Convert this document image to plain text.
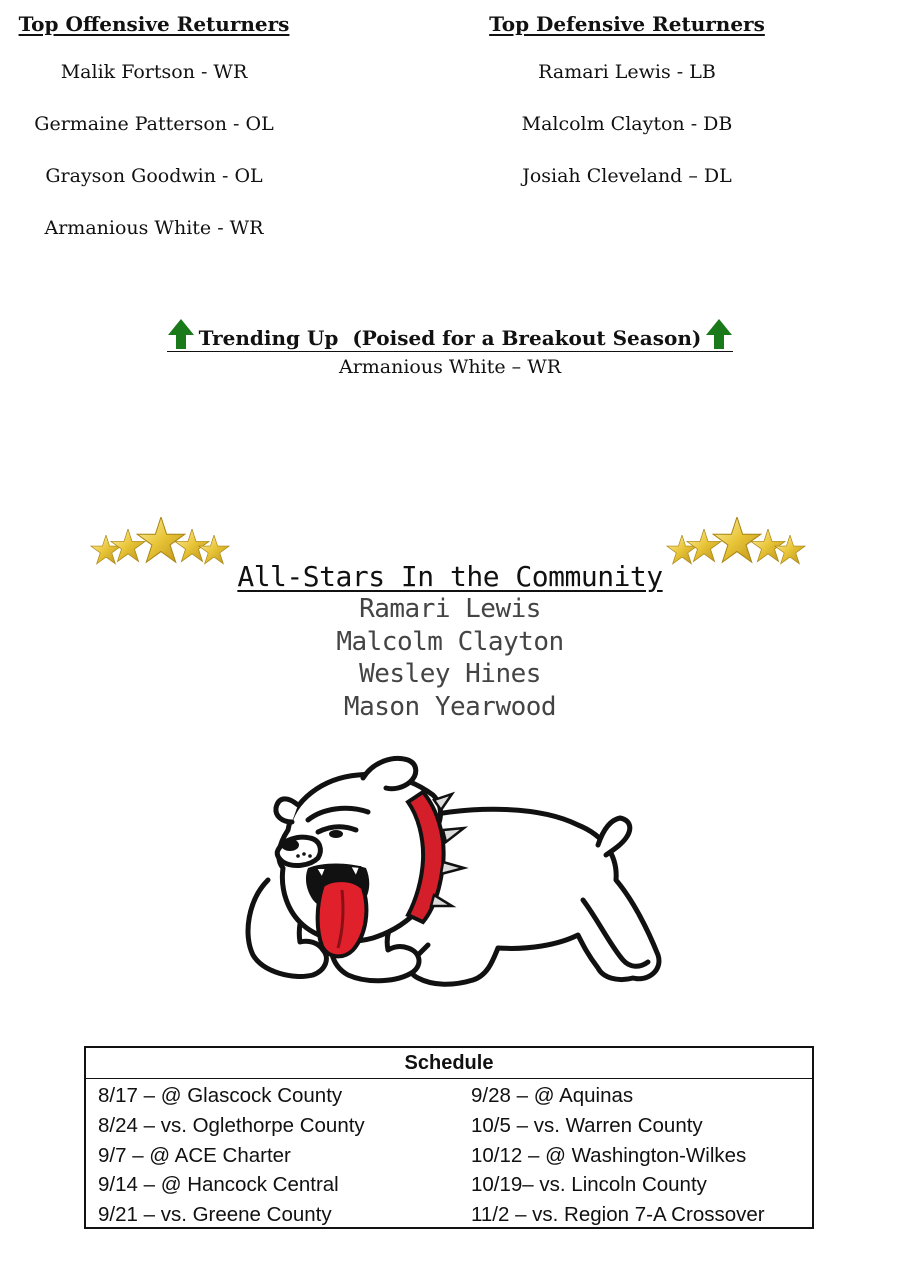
Top Offensive Returners
Malik Fortson - WR
Germaine Patterson - OL
Grayson Goodwin - OL
Armanious White - WR
Top Defensive Returners
Ramari Lewis - LB
Malcolm Clayton - DB
Josiah Cleveland – DL
Trending Up  (Poised for a Breakout Season)
Armanious White – WR
All-Stars In the Community
Ramari Lewis
Malcolm Clayton
Wesley Hines
Mason Yearwood
Schedule
8/17 – @ Glascock County
8/24 – vs. Oglethorpe County
9/7 – @ ACE Charter
9/14 – @ Hancock Central
9/21 – vs. Greene County
9/28 – @ Aquinas
10/5 – vs. Warren County
10/12 – @ Washington-Wilkes
10/19– vs. Lincoln County
11/2 – vs. Region 7-A Crossover
